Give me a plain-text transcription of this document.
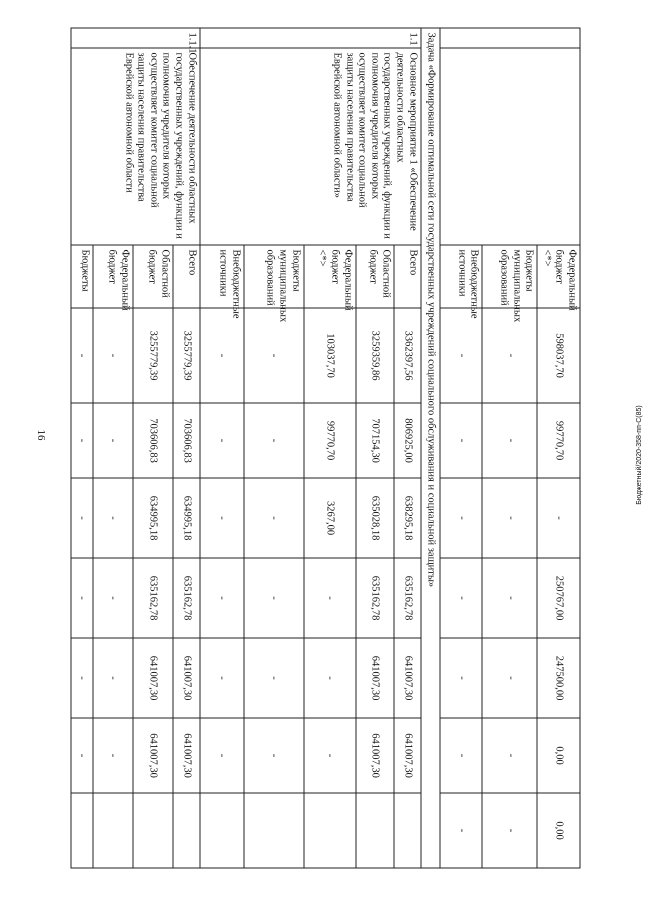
16	Бюджетный/2020-358-пп-C(85)
		Федеральный бюджет <*>	598037,70	99770,70	-	250767,00	247500,00	0,00	0,00
		Бюджеты муниципальных образований	-	-	-	-	-	-	-
		Внебюджетные источники	-	-	-	-	-	-	-
Задача «Формирование оптимальной сети государственных учреждений социального обслуживания и социальной защиты»									
1.1	Основное мероприятие 1 «Обеспечение деятельности областных государственных учреждений, функции и полномочия учредителя которых осуществляет комитет социальной защиты населения правительства Еврейской автономной области»	Всего	3362397,56	806925,00	638295,18	635162,78	641007,30	641007,30	
		Областной бюджет	3259359,86	707154,30	635028,18	635162,78	641007,30	641007,30	
		Федеральный бюджет <*>	103037,70	99770,70	3267,00	-	-	-	
		Бюджеты муниципальных образований	-	-	-	-	-	-	
		Внебюджетные источники	-	-	-	-	-	-	
1.1.1	Обеспечение деятельности областных государственных учреждений, функции и полномочия учредителя которых осуществляет комитет социальной защиты населения правительства Еврейской автономной области	Всего	3255779,39	703606,83	634995,18	635162,78	641007,30	641007,30	
		Областной бюджет	3255779,39	703606,83	634995,18	635162,78	641007,30	641007,30	
		Федеральный бюджет	-	-	-	-	-	-	
		Бюджеты	-	-	-	-	-	-	
